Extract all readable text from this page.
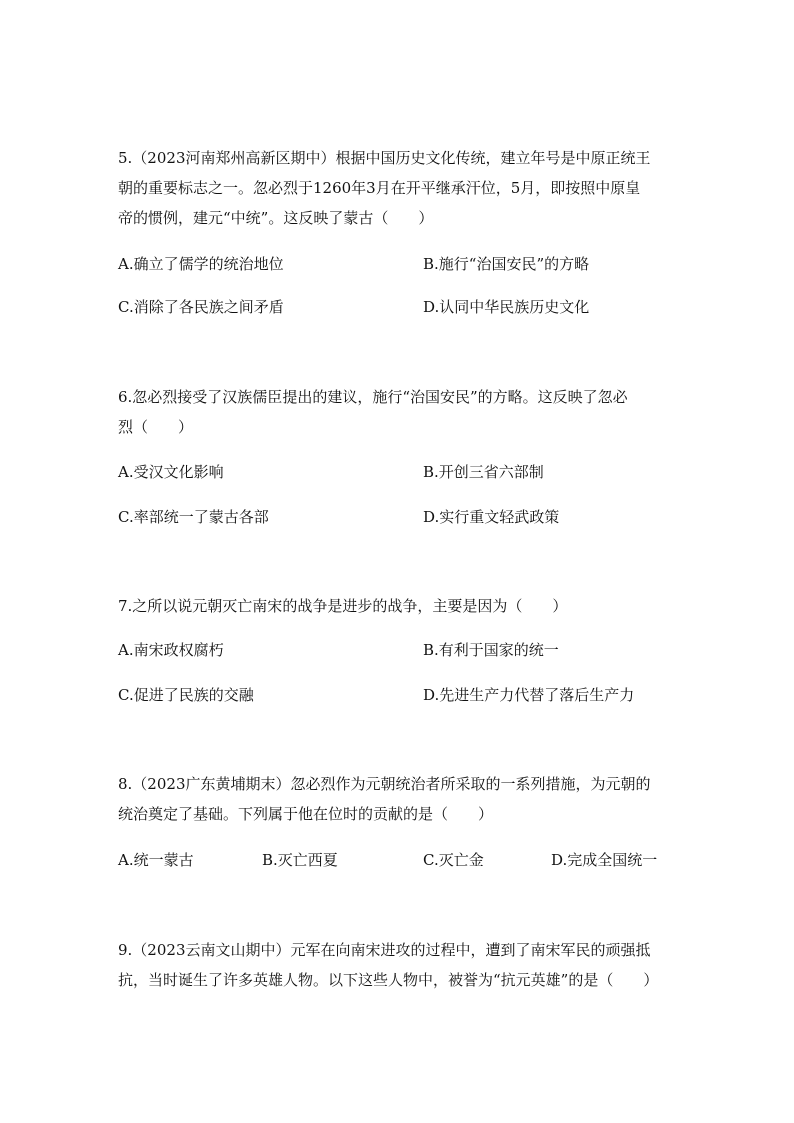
5.（2023河南郑州高新区期中）根据中国历史文化传统，建立年号是中原正统王
朝的重要标志之一。忽必烈于1260年3月在开平继承汗位，5月，即按照中原皇
帝的惯例，建元“中统”。这反映了蒙古（　　）
A.确立了儒学的统治地位	B.施行“治国安民”的方略
C.消除了各民族之间矛盾	D.认同中华民族历史文化
6.忽必烈接受了汉族儒臣提出的建议，施行“治国安民”的方略。这反映了忽必
烈（　　）
A.受汉文化影响	B.开创三省六部制
C.率部统一了蒙古各部	D.实行重文轻武政策
7.之所以说元朝灭亡南宋的战争是进步的战争，主要是因为（　　）
A.南宋政权腐朽	B.有利于国家的统一
C.促进了民族的交融	D.先进生产力代替了落后生产力
8.（2023广东黄埔期末）忽必烈作为元朝统治者所采取的一系列措施，为元朝的
统治奠定了基础。下列属于他在位时的贡献的是（　　）
A.统一蒙古	B.灭亡西夏	C.灭亡金	D.完成全国统一
9.（2023云南文山期中）元军在向南宋进攻的过程中，遭到了南宋军民的顽强抵
抗，当时诞生了许多英雄人物。以下这些人物中，被誉为“抗元英雄”的是（　　）
